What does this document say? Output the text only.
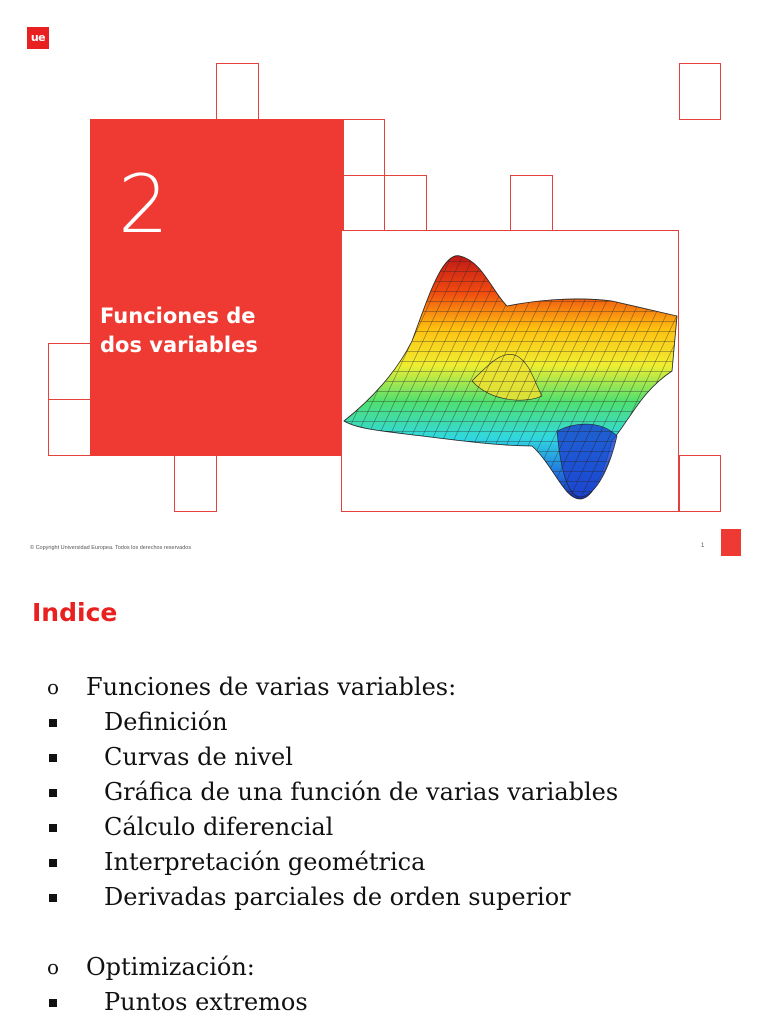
ue
2
Funciones de
dos variables
© Copyright Universidad Europea. Todos los derechos reservados	1
Indice
o Funciones de varias variables:
Definición
Curvas de nivel
Gráfica de una función de varias variables
Cálculo diferencial
Interpretación geométrica
Derivadas parciales de orden superior
o Optimización:
Puntos extremos
